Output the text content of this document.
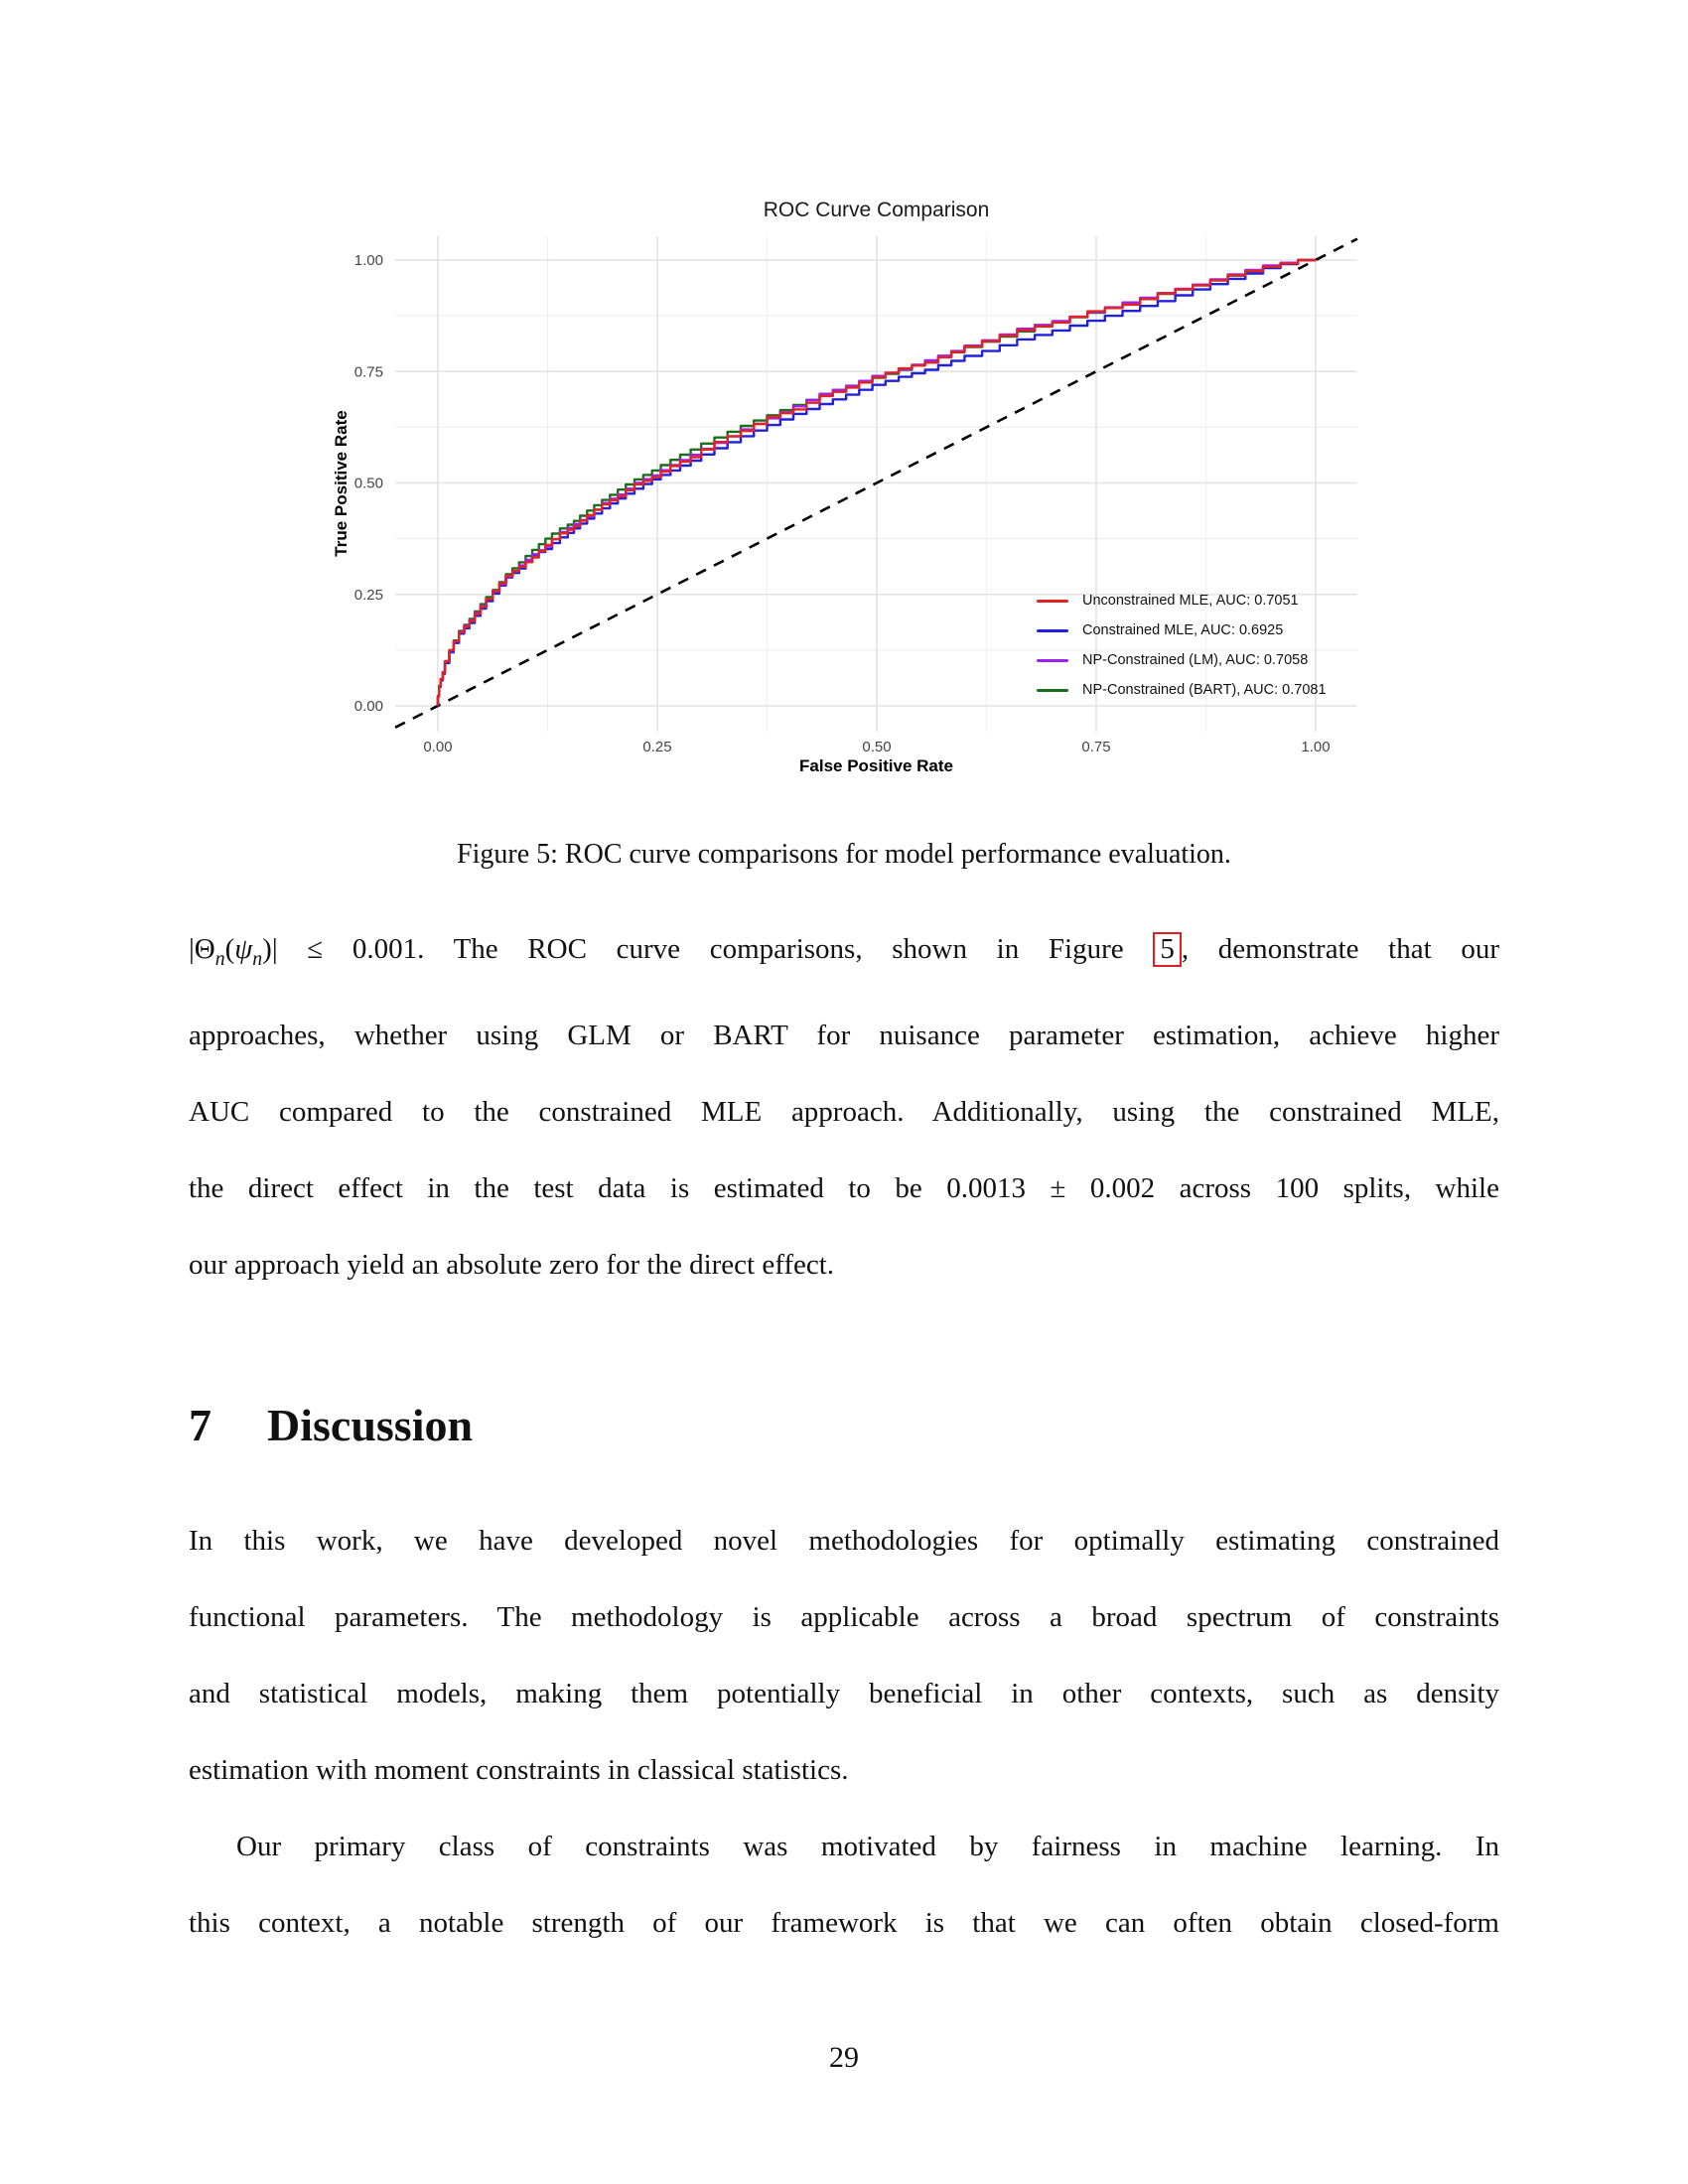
0.00	0.25	0.50	0.75	1.00
0.00
0.25
0.50
0.75
1.00
ROC Curve Comparison
False Positive Rate
True Positive Rate
Unconstrained MLE, AUC: 0.7051
Constrained MLE, AUC: 0.6925
NP-Constrained (LM), AUC: 0.7058
NP-Constrained (BART), AUC: 0.7081
Figure 5: ROC curve comparisons for model performance evaluation.
$|\Theta_n(\psi_n)| \le 0.001$. The ROC curve comparisons, shown in Figure 5 , demonstrate that our
approaches, whether using GLM or BART for nuisance parameter estimation, achieve higher
AUC compared to the constrained MLE approach. Additionally, using the constrained MLE,
the direct effect in the test data is estimated to be 0.0013 ± 0.002 across 100 splits, while
our approach yield an absolute zero for the direct effect.
7 Discussion
In this work, we have developed novel methodologies for optimally estimating constrained
functional parameters. The methodology is applicable across a broad spectrum of constraints
and statistical models, making them potentially beneficial in other contexts, such as density
estimation with moment constraints in classical statistics.
Our primary class of constraints was motivated by fairness in machine learning. In
this context, a notable strength of our framework is that we can often obtain closed-form
29
